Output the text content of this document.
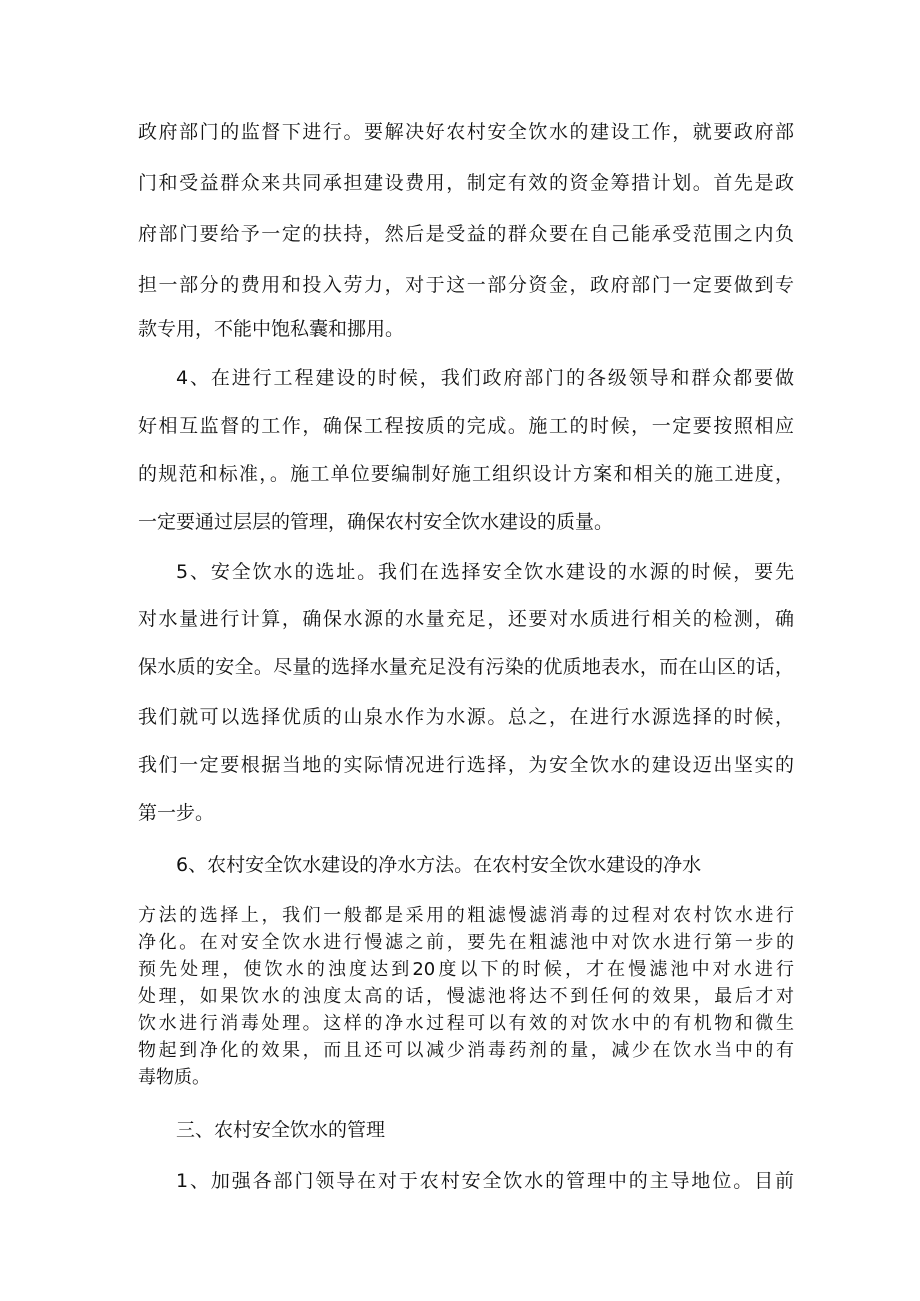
政府部门的监督下进行。要解决好农村安全饮水的建设工作，就要政府部
门和受益群众来共同承担建设费用，制定有效的资金筹措计划。首先是政
府部门要给予一定的扶持，然后是受益的群众要在自己能承受范围之内负
担一部分的费用和投入劳力，对于这一部分资金，政府部门一定要做到专
款专用，不能中饱私囊和挪用。
4、在进行工程建设的时候，我们政府部门的各级领导和群众都要做
好相互监督的工作，确保工程按质的完成。施工的时候，一定要按照相应
的规范和标准，。施工单位要编制好施工组织设计方案和相关的施工进度，
一定要通过层层的管理，确保农村安全饮水建设的质量。
5、安全饮水的选址。我们在选择安全饮水建设的水源的时候，要先
对水量进行计算，确保水源的水量充足，还要对水质进行相关的检测，确
保水质的安全。尽量的选择水量充足没有污染的优质地表水，而在山区的话，
我们就可以选择优质的山泉水作为水源。总之，在进行水源选择的时候，
我们一定要根据当地的实际情况进行选择，为安全饮水的建设迈出坚实的
第一步。
6、农村安全饮水建设的净水方法。在农村安全饮水建设的净水
方法的选择上，我们一般都是采用的粗滤慢滤消毒的过程对农村饮水进行
净化。在对安全饮水进行慢滤之前，要先在粗滤池中对饮水进行第一步的
预先处理，使饮水的浊度达到20度以下的时候，才在慢滤池中对水进行
处理，如果饮水的浊度太高的话，慢滤池将达不到任何的效果，最后才对
饮水进行消毒处理。这样的净水过程可以有效的对饮水中的有机物和微生
物起到净化的效果，而且还可以减少消毒药剂的量，减少在饮水当中的有
毒物质。
三、农村安全饮水的管理
1、加强各部门领导在对于农村安全饮水的管理中的主导地位。目前
